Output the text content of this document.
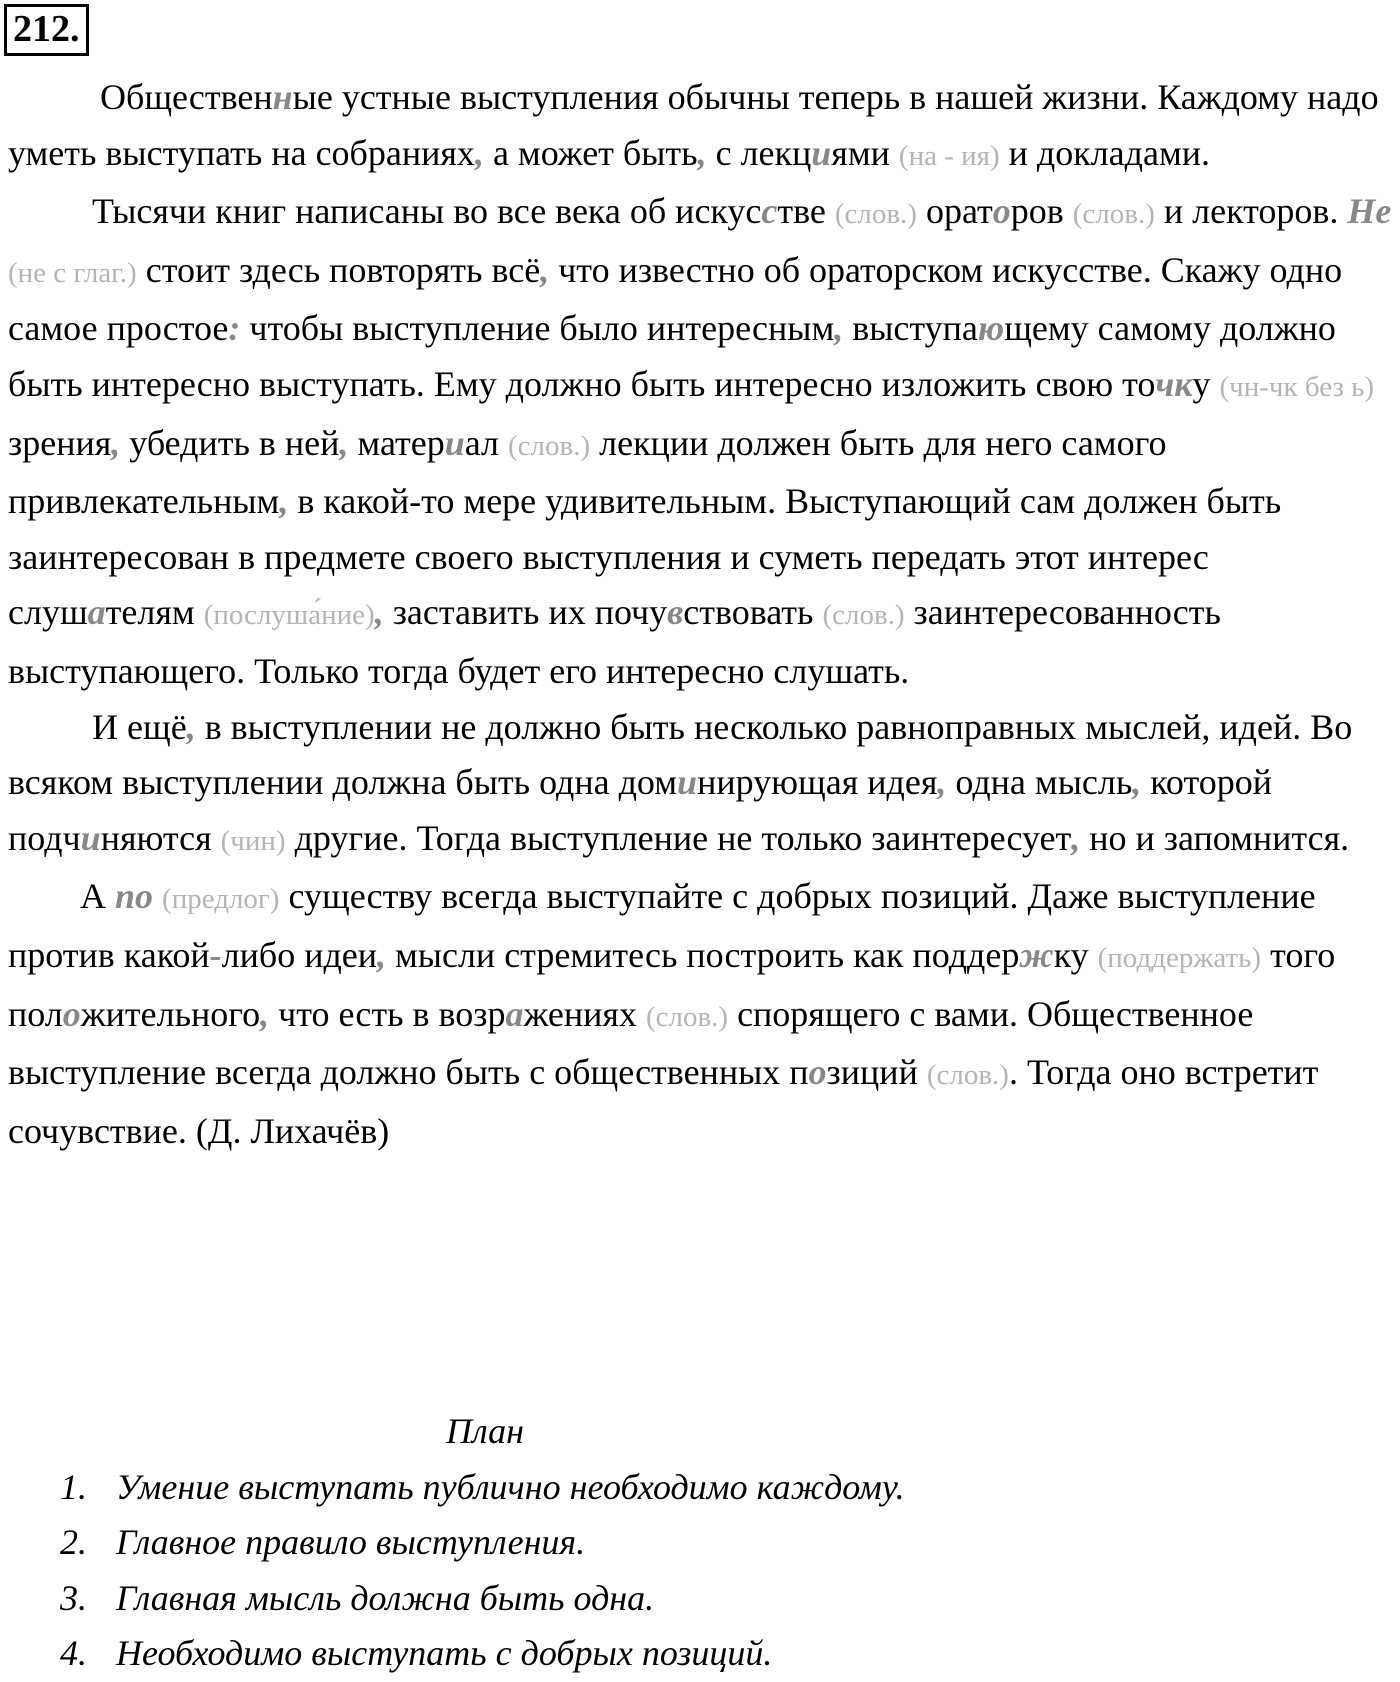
212.

Общественные устные выступления обычны теперь в нашей жизни. Каждому надо уметь выступать на собраниях, а может быть, с лекциями (на - ия) и докладами.

Тысячи книг написаны во все века об искусстве (слов.) ораторов (слов.) и лекторов. Не (не с глаг.) стоит здесь повторять всё, что известно об ораторском искусстве. Скажу одно самое простое: чтобы выступление было интересным, выступающему самому должно быть интересно выступать. Ему должно быть интересно изложить свою точку (чн-чк без ь) зрения, убедить в ней, материал (слов.) лекции должен быть для него самого привлекательным, в какой-то мере удивительным. Выступающий сам должен быть заинтересован в предмете своего выступления и суметь передать этот интерес слушателям (послуша́ние), заставить их почувствовать (слов.) заинтересованность выступающего. Только тогда будет его интересно слушать.

И ещё, в выступлении не должно быть несколько равноправных мыслей, идей. Во всяком выступлении должна быть одна доминирующая идея, одна мысль, которой подчиняются (чин) другие. Тогда выступление не только заинтересует, но и запомнится.

А по (предлог) существу всегда выступайте с добрых позиций. Даже выступление против какой-либо идеи, мысли стремитесь построить как поддержку (поддержать) того положительного, что есть в возражениях (слов.) спорящего с вами. Общественное выступление всегда должно быть с общественных позиций (слов.). Тогда оно встретит сочувствие. (Д. Лихачёв)

План

1. Умение выступать публично необходимо каждому.
2. Главное правило выступления.
3. Главная мысль должна быть одна.
4. Необходимо выступать с добрых позиций.
